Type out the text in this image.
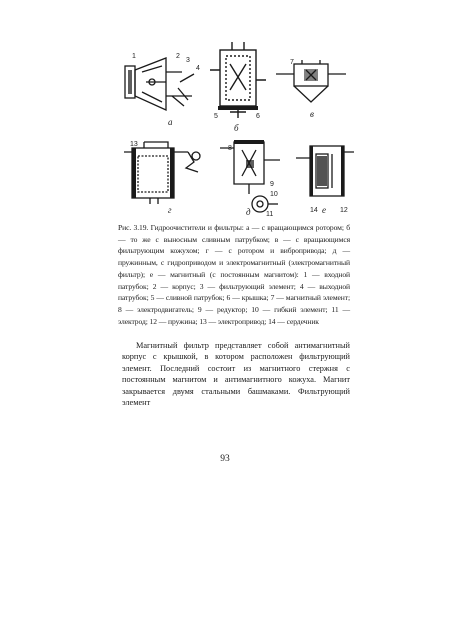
а
б
в
г	д	е
Рис. 3.19. Гидроочистители и фильтры: а — с вращающимся ротором; б — то же с выносным сливным патрубком; в — с вращающимся фильтрующим кожухом; г — с ротором и вибропривода; д — пружинным, с гидроприводом и электромагнитный (электромагнитный фильтр); е — магнитный (с постоянным магнитом): 1 — входной патрубок; 2 — корпус; 3 — фильтрующий элемент; 4 — выходной патрубок; 5 — сливной патрубок; 6 — крышка; 7 — магнитный элемент; 8 — электродвигатель; 9 — редуктор; 10 — гибкий элемент; 11 — электрод; 12 — пружина; 13 — электропривод; 14 — сердечник
Магнитный фильтр представляет собой антимагнитный корпус с крышкой, в котором расположен фильтрующий элемент. Последний состоит из магнитного стержня с постоянным магнитом и антимагнитного кожуха. Магнит закрывается двумя стальными башмаками. Фильтрующий элемент
93
1	2
3
4
5	6
7
8
9
10
11
12
13
14
